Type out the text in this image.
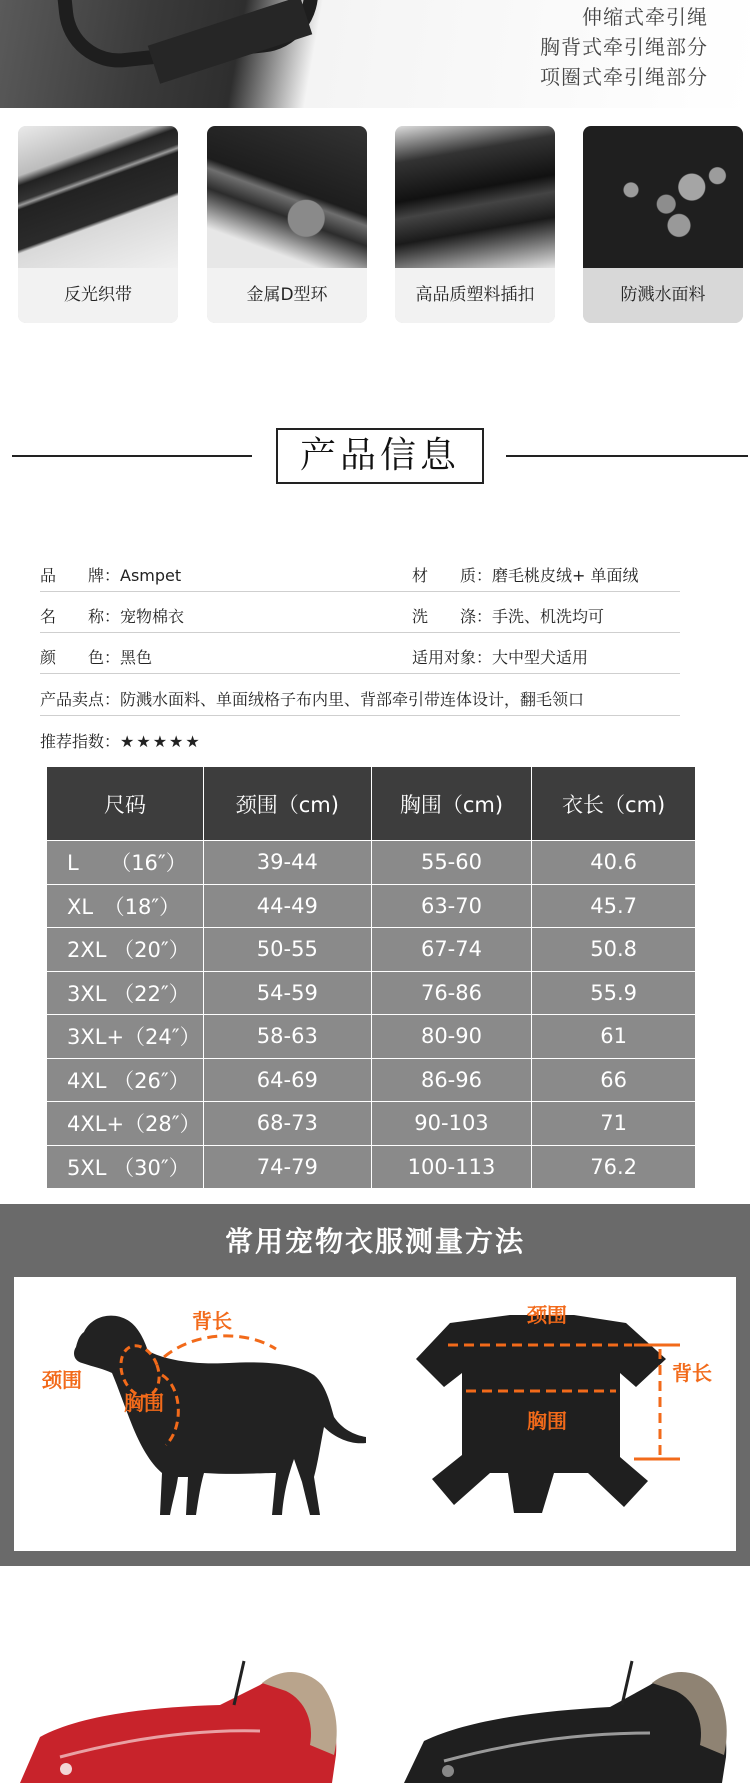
伸缩式牵引绳
胸背式牵引绳部分
项圈式牵引绳部分
反光织带	金属D型环	高品质塑料插扣	防溅水面料
产品信息
品　　牌：Asmpet	材　　质：磨毛桃皮绒+ 单面绒
名　　称：宠物棉衣	洗　　涤：手洗、机洗均可
颜　　色：黑色	适用对象：大中型犬适用
产品卖点：防溅水面料、单面绒格子布内里、背部牵引带连体设计，翻毛领口
推荐指数：★★★★★
尺码	颈围（cm)	胸围（cm)	衣长（cm)
L　　（16″）	39-44	55-60	40.6
XL　（18″）	44-49	63-70	45.7
2XL （20″）	50-55	67-74	50.8
3XL （22″）	54-59	76-86	55.9
3XL+（24″）	58-63	80-90	61
4XL （26″）	64-69	86-96	66
4XL+（28″）	68-73	90-103	71
5XL （30″）	74-79	100-113	76.2
常用宠物衣服测量方法
背长
颈围
胸围
颈围
背长
胸围
